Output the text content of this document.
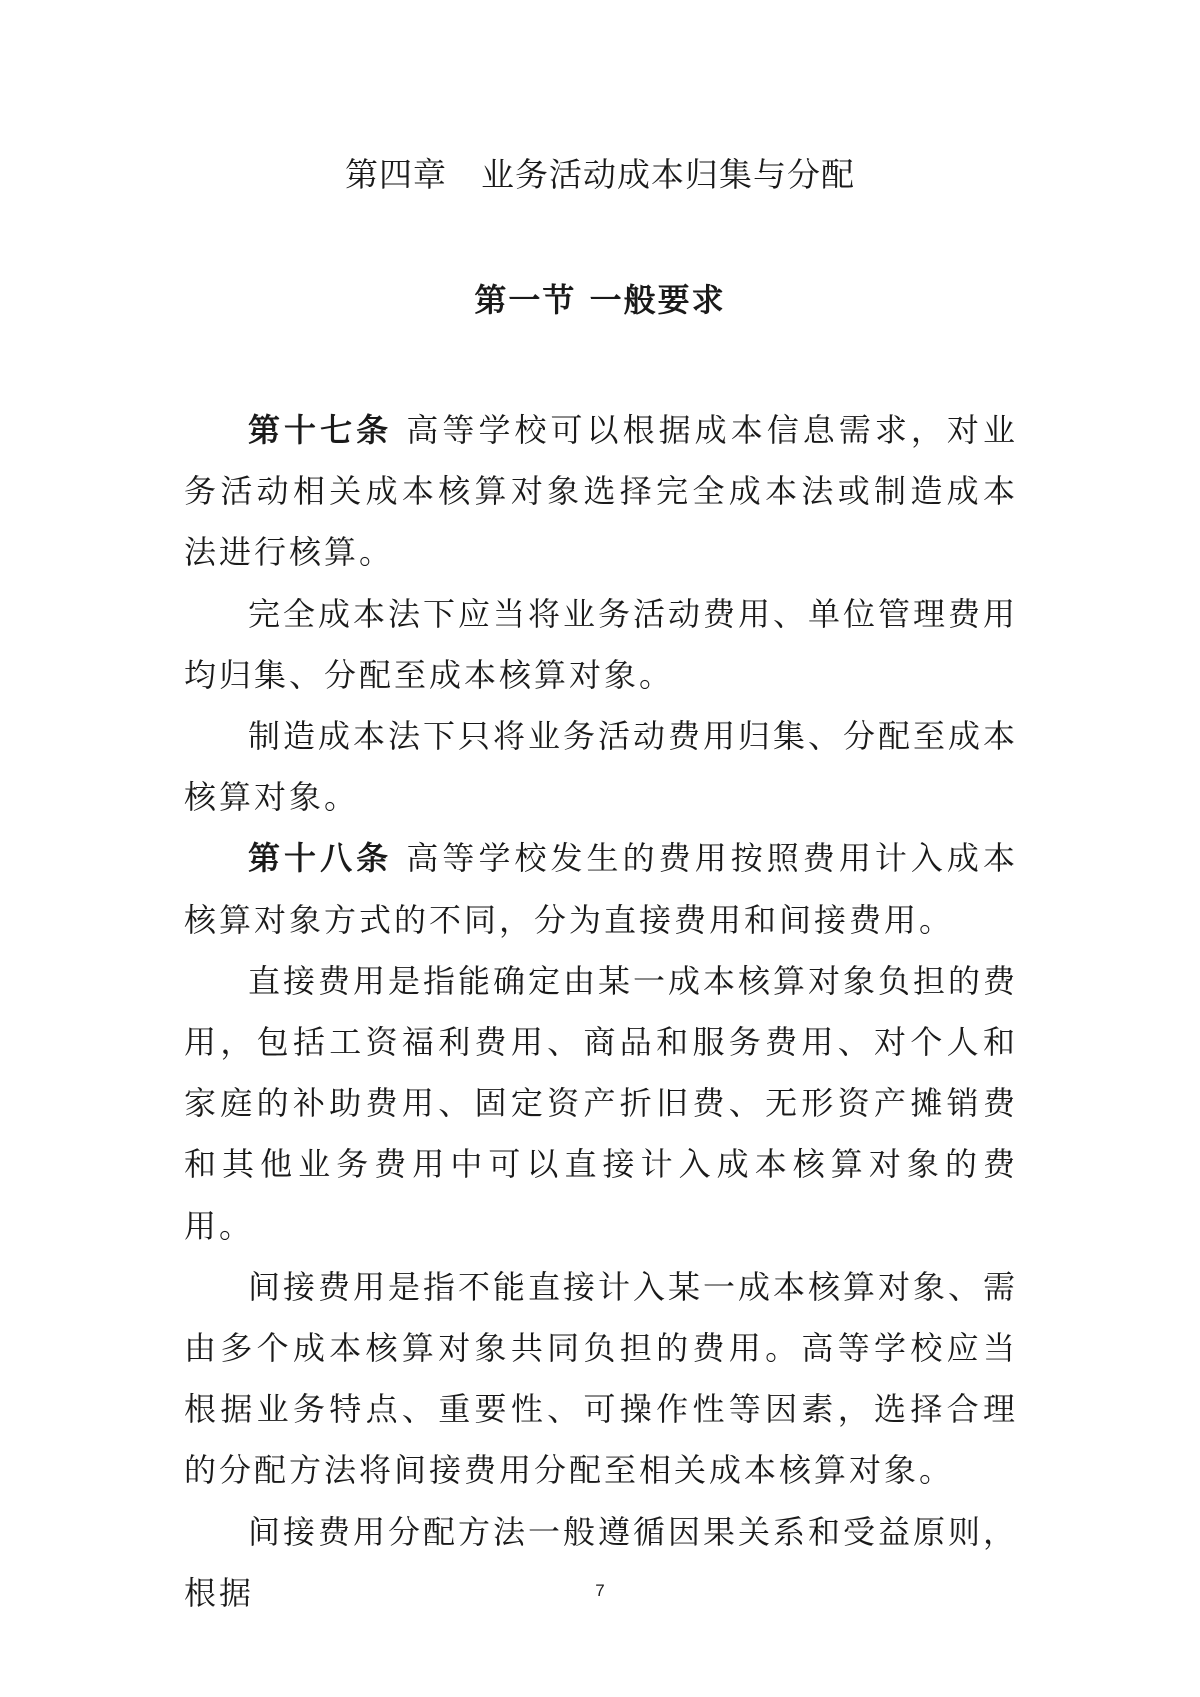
第四章　业务活动成本归集与分配
第一节 一般要求

第十七条 高等学校可以根据成本信息需求，对业务活动相关成本核算对象选择完全成本法或制造成本法进行核算。

完全成本法下应当将业务活动费用、单位管理费用均归集、分配至成本核算对象。

制造成本法下只将业务活动费用归集、分配至成本核算对象。

第十八条 高等学校发生的费用按照费用计入成本核算对象方式的不同，分为直接费用和间接费用。

直接费用是指能确定由某一成本核算对象负担的费用，包括工资福利费用、商品和服务费用、对个人和家庭的补助费用、固定资产折旧费、无形资产摊销费和其他业务费用中可以直接计入成本核算对象的费用。

间接费用是指不能直接计入某一成本核算对象、需由多个成本核算对象共同负担的费用。高等学校应当根据业务特点、重要性、可操作性等因素，选择合理的分配方法将间接费用分配至相关成本核算对象。

间接费用分配方法一般遵循因果关系和受益原则，根据	7
